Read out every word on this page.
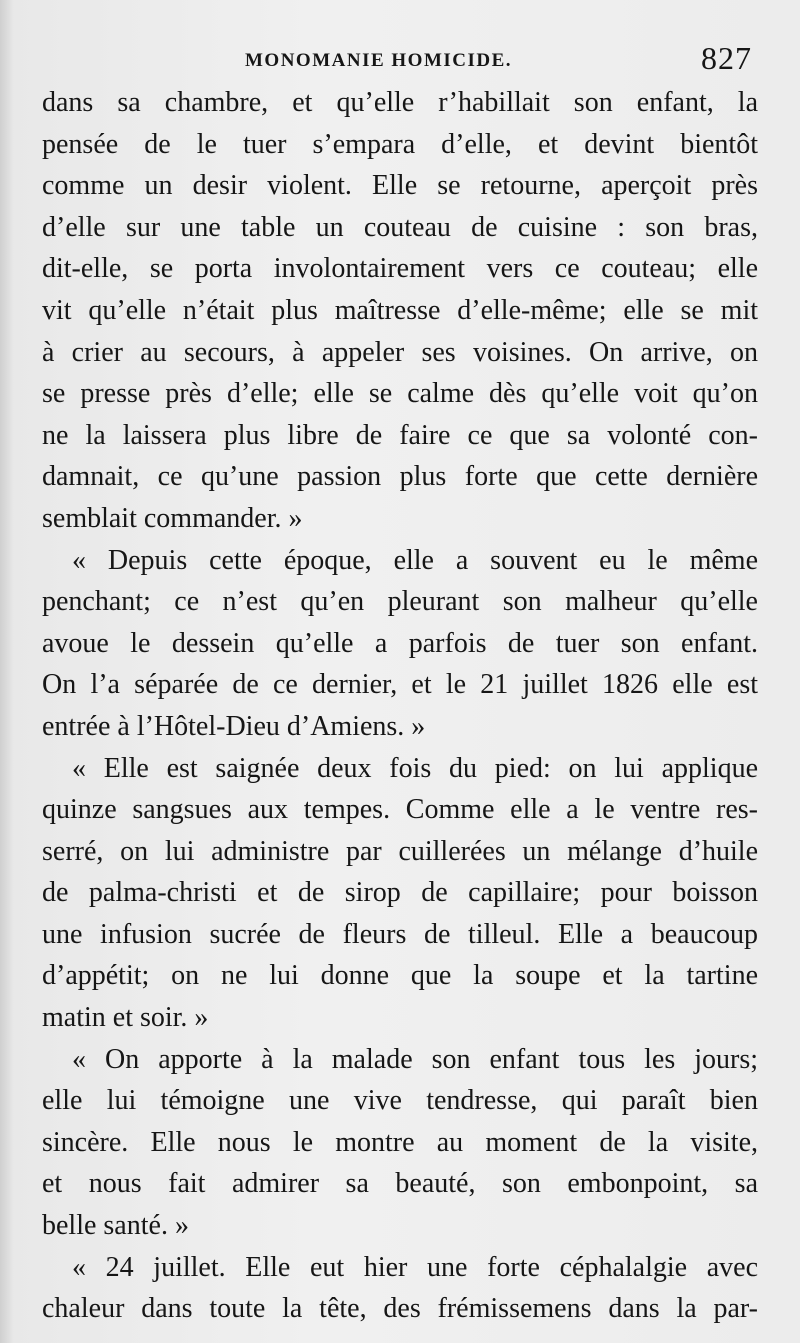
MONOMANIE HOMICIDE.	827
dans sa chambre, et qu’elle r’habillait son enfant, la
pensée de le tuer s’empara d’elle, et devint bientôt
comme un desir violent. Elle se retourne, aperçoit près
d’elle sur une table un couteau de cuisine : son bras,
dit-elle, se porta involontairement vers ce couteau; elle
vit qu’elle n’était plus maîtresse d’elle-même; elle se mit
à crier au secours, à appeler ses voisines. On arrive, on
se presse près d’elle; elle se calme dès qu’elle voit qu’on
ne la laissera plus libre de faire ce que sa volonté con-
damnait, ce qu’une passion plus forte que cette dernière
semblait commander. »
« Depuis cette époque, elle a souvent eu le même
penchant; ce n’est qu’en pleurant son malheur qu’elle
avoue le dessein qu’elle a parfois de tuer son enfant.
On l’a séparée de ce dernier, et le 21 juillet 1826 elle est
entrée à l’Hôtel-Dieu d’Amiens. »
« Elle est saignée deux fois du pied: on lui applique
quinze sangsues aux tempes. Comme elle a le ventre res-
serré, on lui administre par cuillerées un mélange d’huile
de palma-christi et de sirop de capillaire; pour boisson
une infusion sucrée de fleurs de tilleul. Elle a beaucoup
d’appétit; on ne lui donne que la soupe et la tartine
matin et soir. »
« On apporte à la malade son enfant tous les jours;
elle lui témoigne une vive tendresse, qui paraît bien
sincère. Elle nous le montre au moment de la visite,
et nous fait admirer sa beauté, son embonpoint, sa
belle santé. »
« 24 juillet. Elle eut hier une forte céphalalgie avec
chaleur dans toute la tête, des frémissemens dans la par-
